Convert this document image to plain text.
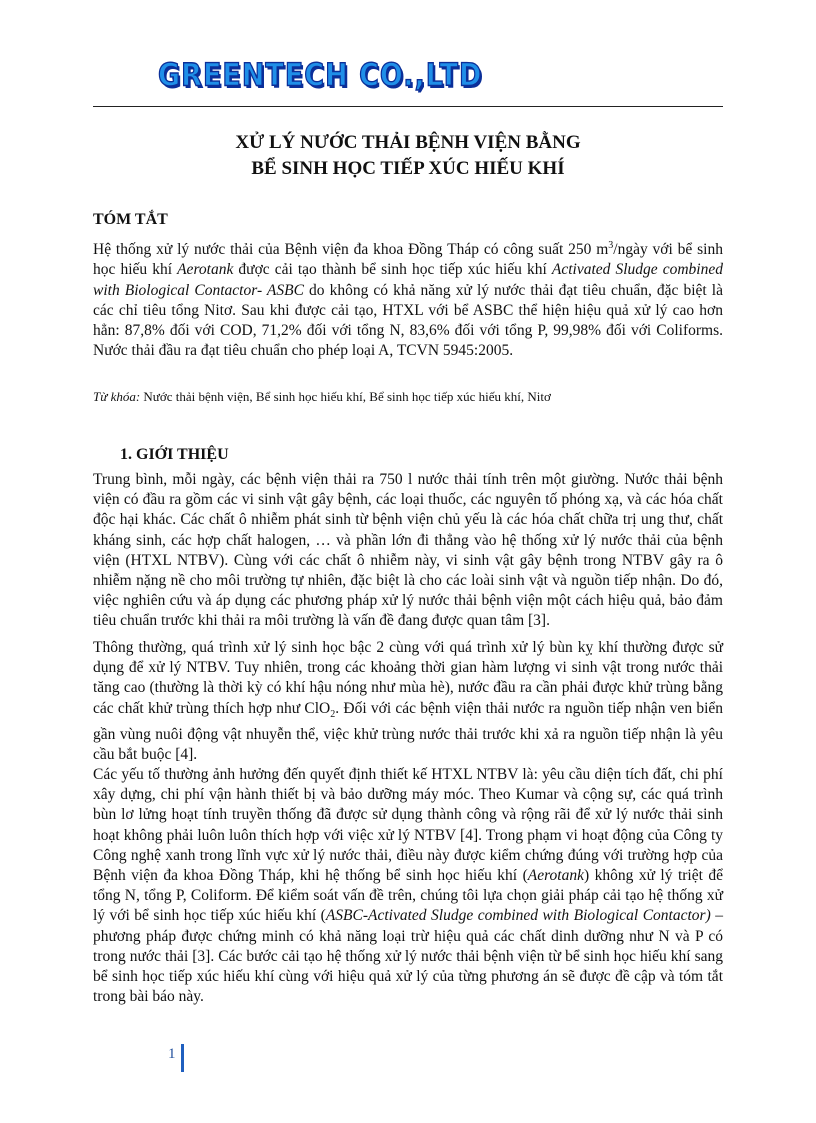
GREENTECH CO.,LTD
XỬ LÝ NƯỚC THẢI BỆNH VIỆN BẰNG
BỂ SINH HỌC TIẾP XÚC HIẾU KHÍ
TÓM TẮT
Hệ thống xử lý nước thải của Bệnh viện đa khoa Đồng Tháp có công suất 250 $m^3$/ngày với bể sinh học hiếu khí Aerotank được cải tạo thành bể sinh học tiếp xúc hiếu khí Activated Sludge combined with Biological Contactor- ASBC do không có khả năng xử lý nước thải đạt tiêu chuẩn, đặc biệt là các chỉ tiêu tổng Nitơ. Sau khi được cải tạo, HTXL với bể ASBC thể hiện hiệu quả xử lý cao hơn hẳn: 87,8% đối với COD, 71,2% đối với tổng N, 83,6% đối với tổng P, 99,98% đối với Coliforms. Nước thải đầu ra đạt tiêu chuẩn cho phép loại A, TCVN 5945:2005.
Từ khóa: Nước thải bệnh viện, Bể sinh học hiếu khí, Bể sinh học tiếp xúc hiếu khí, Nitơ
1. GIỚI THIỆU
Trung bình, mỗi ngày, các bệnh viện thải ra 750 l nước thải tính trên một giường. Nước thải bệnh viện có đầu ra gồm các vi sinh vật gây bệnh, các loại thuốc, các nguyên tố phóng xạ, và các hóa chất độc hại khác. Các chất ô nhiễm phát sinh từ bệnh viện chủ yếu là các hóa chất chữa trị ung thư, chất kháng sinh, các hợp chất halogen, … và phần lớn đi thẳng vào hệ thống xử lý nước thải của bệnh viện (HTXL NTBV). Cùng với các chất ô nhiễm này, vi sinh vật gây bệnh trong NTBV gây ra ô nhiễm nặng nề cho môi trường tự nhiên, đặc biệt là cho các loài sinh vật và nguồn tiếp nhận. Do đó, việc nghiên cứu và áp dụng các phương pháp xử lý nước thải bệnh viện một cách hiệu quả, bảo đảm tiêu chuẩn trước khi thải ra môi trường là vấn đề đang được quan tâm [3].
Thông thường, quá trình xử lý sinh học bậc 2 cùng với quá trình xử lý bùn kỵ khí thường được sử dụng để xử lý NTBV. Tuy nhiên, trong các khoảng thời gian hàm lượng vi sinh vật trong nước thải tăng cao (thường là thời kỳ có khí hậu nóng như mùa hè), nước đầu ra cần phải được khử trùng bằng các chất khử trùng thích hợp như ClO$_2$. Đối với các bệnh viện thải nước ra nguồn tiếp nhận ven biển gần vùng nuôi động vật nhuyễn thể, việc khử trùng nước thải trước khi xả ra nguồn tiếp nhận là yêu cầu bắt buộc [4].
Các yếu tố thường ảnh hưởng đến quyết định thiết kế HTXL NTBV là: yêu cầu diện tích đất, chi phí xây dựng, chi phí vận hành thiết bị và bảo dưỡng máy móc. Theo Kumar và cộng sự, các quá trình bùn lơ lửng hoạt tính truyền thống đã được sử dụng thành công và rộng rãi để xử lý nước thải sinh hoạt không phải luôn luôn thích hợp với việc xử lý NTBV [4]. Trong phạm vi hoạt động của Công ty Công nghệ xanh trong lĩnh vực xử lý nước thải, điều này được kiểm chứng đúng với trường hợp của Bệnh viện đa khoa Đồng Tháp, khi hệ thống bể sinh học hiếu khí (Aerotank) không xử lý triệt để tổng N, tổng P, Coliform. Để kiểm soát vấn đề trên, chúng tôi lựa chọn giải pháp cải tạo hệ thống xử lý với bể sinh học tiếp xúc hiếu khí (ASBC-Activated Sludge combined with Biological Contactor) – phương pháp được chứng minh có khả năng loại trừ hiệu quả các chất dinh dưỡng như N và P có trong nước thải [3]. Các bước cải tạo hệ thống xử lý nước thải bệnh viện từ bể sinh học hiếu khí sang bể sinh học tiếp xúc hiếu khí cùng với hiệu quả xử lý của từng phương án sẽ được đề cập và tóm tắt trong bài báo này.
1
